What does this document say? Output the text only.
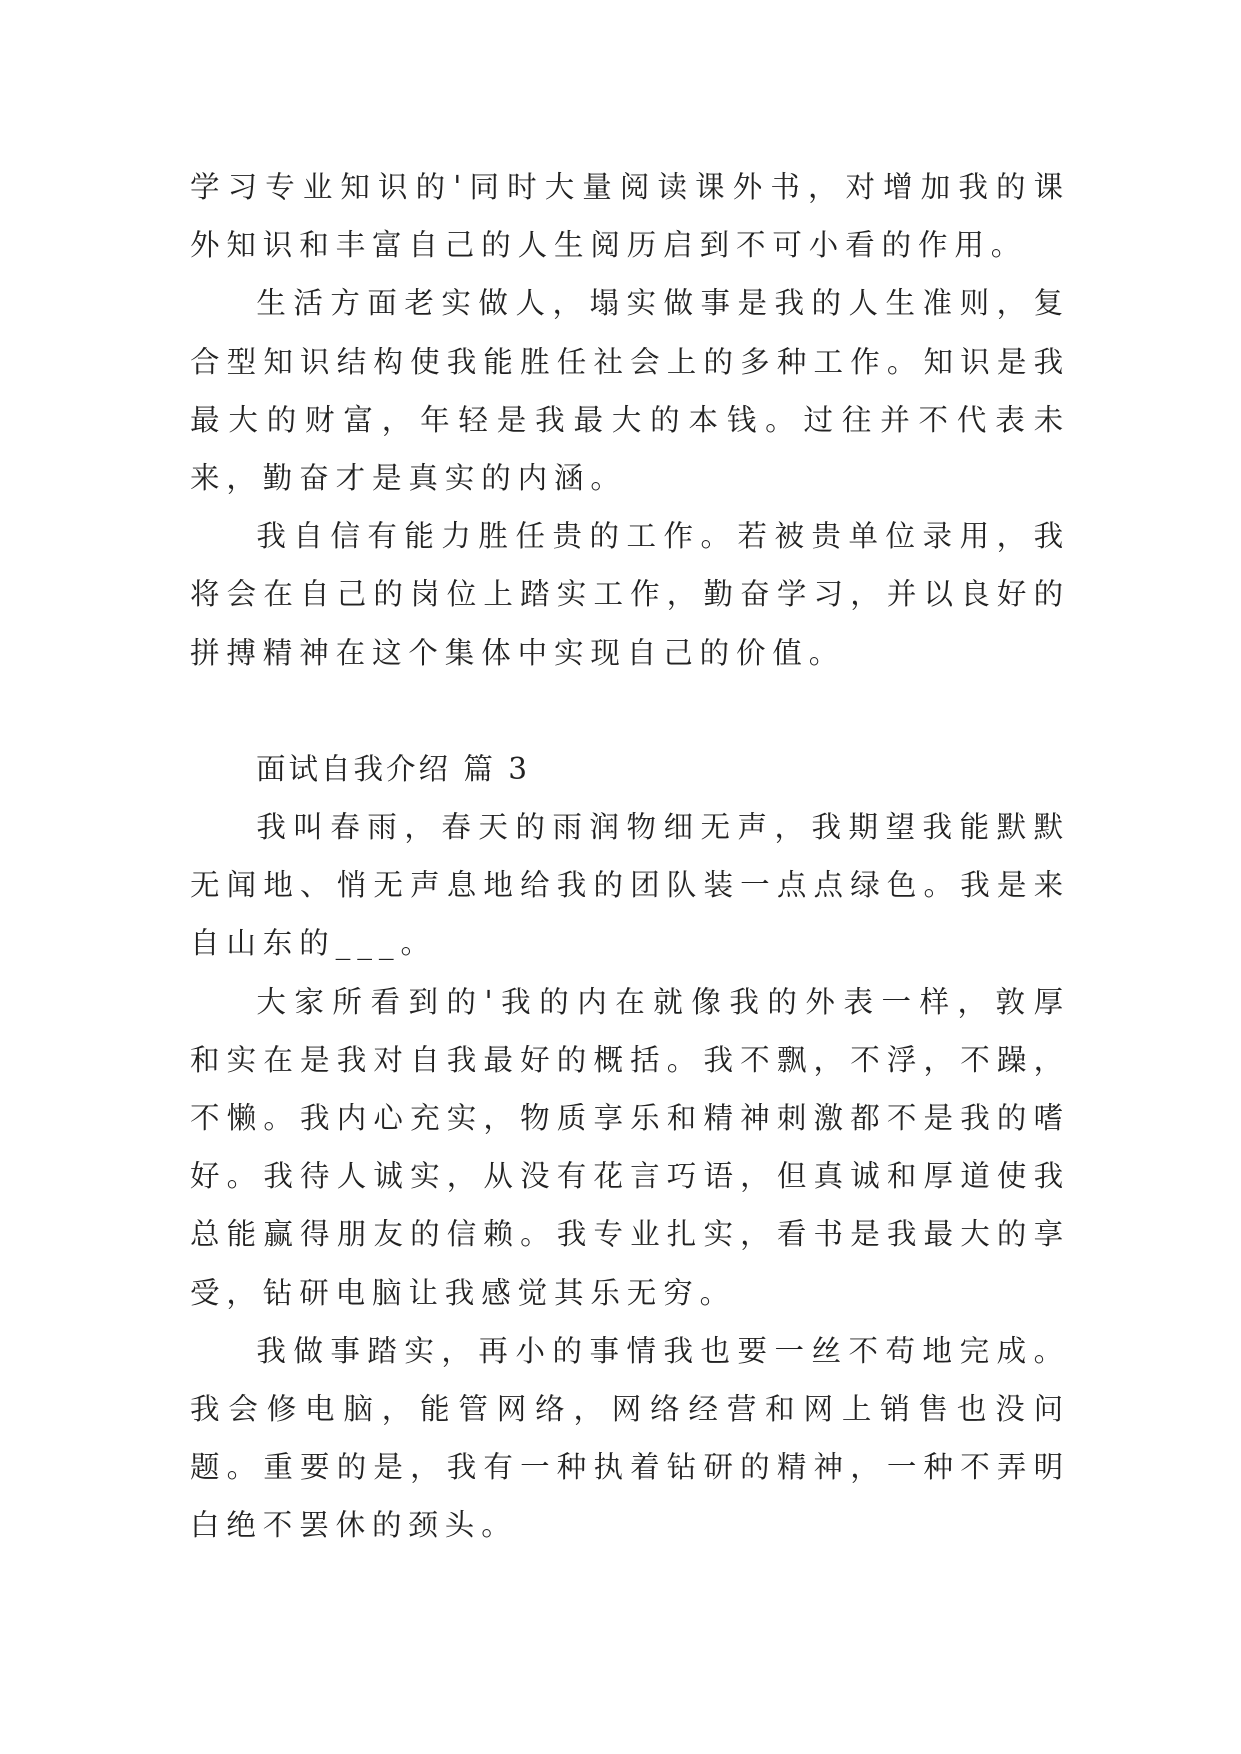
学习专业知识的'同时大量阅读课外书，对增加我的课外知识和丰富自己的人生阅历启到不可小看的作用。

生活方面老实做人，塌实做事是我的人生准则，复合型知识结构使我能胜任社会上的多种工作。知识是我最大的财富，年轻是我最大的本钱。过往并不代表未来，勤奋才是真实的内涵。

我自信有能力胜任贵的工作。若被贵单位录用，我将会在自己的岗位上踏实工作，勤奋学习，并以良好的拼搏精神在这个集体中实现自己的价值。

面试自我介绍 篇 3

我叫春雨，春天的雨润物细无声，我期望我能默默无闻地、悄无声息地给我的团队装一点点绿色。我是来自山东的___。

大家所看到的'我的内在就像我的外表一样，敦厚和实在是我对自我最好的概括。我不飘，不浮，不躁，不懒。我内心充实，物质享乐和精神刺激都不是我的嗜好。我待人诚实，从没有花言巧语，但真诚和厚道使我总能赢得朋友的信赖。我专业扎实，看书是我最大的享受，钻研电脑让我感觉其乐无穷。

我做事踏实，再小的事情我也要一丝不苟地完成。我会修电脑，能管网络，网络经营和网上销售也没问题。重要的是，我有一种执着钻研的精神，一种不弄明白绝不罢休的颈头。
